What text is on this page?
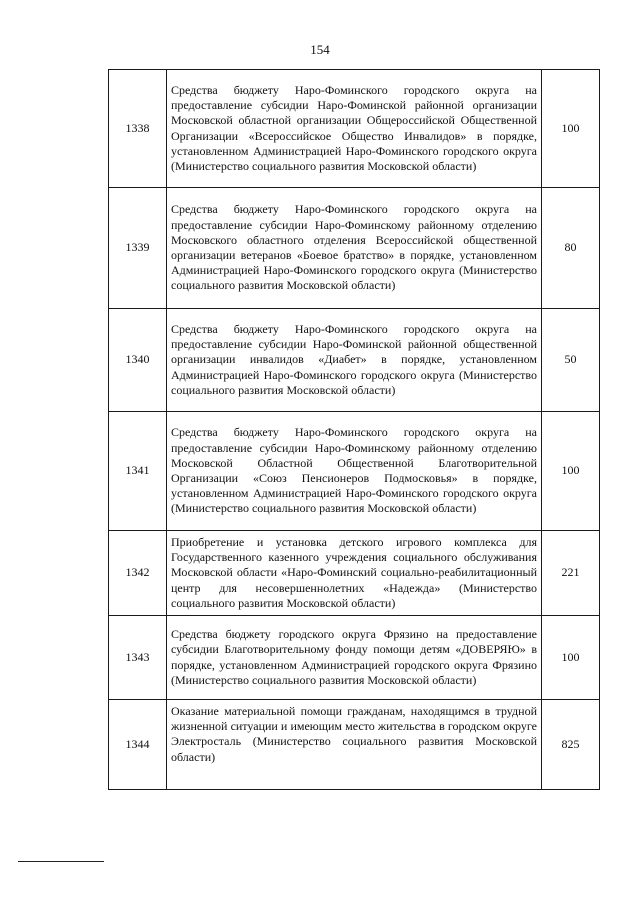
154
1338	Средства бюджету Наро-Фоминского городского округа на предоставление субсидии Наро-Фоминской районной организации Московской областной организации Общероссийской Общественной Организации «Всероссийское Общество Инвалидов» в порядке, установленном Администрацией Наро-Фоминского городского округа (Министерство социального развития Московской области)	100
1339	Средства бюджету Наро-Фоминского городского округа на предоставление субсидии Наро-Фоминскому районному отделению Московского областного отделения Всероссийской общественной организации ветеранов «Боевое братство» в порядке, установленном Администрацией Наро-Фоминского городского округа (Министерство социального развития Московской области)	80
1340	Средства бюджету Наро-Фоминского городского округа на предоставление субсидии Наро-Фоминской районной общественной организации инвалидов «Диабет» в порядке, установленном Администрацией Наро-Фоминского городского округа (Министерство социального развития Московской области)	50
1341	Средства бюджету Наро-Фоминского городского округа на предоставление субсидии Наро-Фоминскому районному отделению Московской Областной Общественной Благотворительной Организации «Союз Пенсионеров Подмосковья» в порядке, установленном Администрацией Наро-Фоминского городского округа (Министерство социального развития Московской области)	100
1342	Приобретение и установка детского игрового комплекса для Государственного казенного учреждения социального обслуживания Московской области «Наро-Фоминский социально-реабилитационный центр для несовершеннолетних «Надежда» (Министерство социального развития Московской области)	221
1343	Средства бюджету городского округа Фрязино на предоставление субсидии Благотворительному фонду помощи детям «ДОВЕРЯЮ» в порядке, установленном Администрацией городского округа Фрязино (Министерство социального развития Московской области)	100
1344	Оказание материальной помощи гражданам, находящимся в трудной жизненной ситуации и имеющим место жительства в городском округе Электросталь (Министерство социального развития Московской области)	825
